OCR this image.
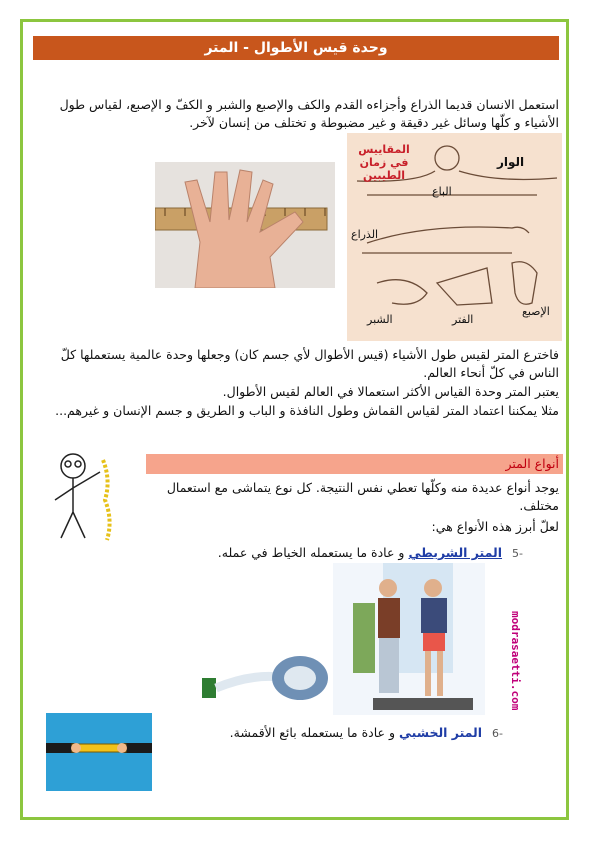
وحدة قيس الأطوال - المتر

استعمل الانسان قديما الذراع وأجزاءه القدم والكف والإصبع والشبر و الكفّ و الإصبع، لقياس طول الأشياء و كلّها وسائل غير دقيقة و غير مضبوطة و تختلف من إنسان لآخر.

المقاييس في زمان الطيبين
الوار
الباع
الذراع
الإصبع
الفتر
الشبر

فاخترع المتر لقيس طول الأشياء (قيس الأطوال لأي جسم كان) وجعلها وحدة عالمية يستعملها كلّ الناس في كلّ أنحاء العالم.

يعتبر المتر وحدة القياس الأكثر استعمالا في العالم لقيس الأطوال.

مثلا يمكننا اعتماد المتر لقياس القماش وطول النافذة و الباب و الطريق و جسم الإنسان و غيرهم...

أنواع المتر

يوجد أنواع عديدة منه وكلّها تعطي نفس النتيجة. كل نوع يتماشى مع استعمال مختلف.

لعلّ أبرز هذه الأنواع هي:

-5 المتر الشريطي و عادة ما يستعمله الخياط في عمله.
modrasaetti.com
-6 المتر الخشبي و عادة ما يستعمله بائع الأقمشة.
